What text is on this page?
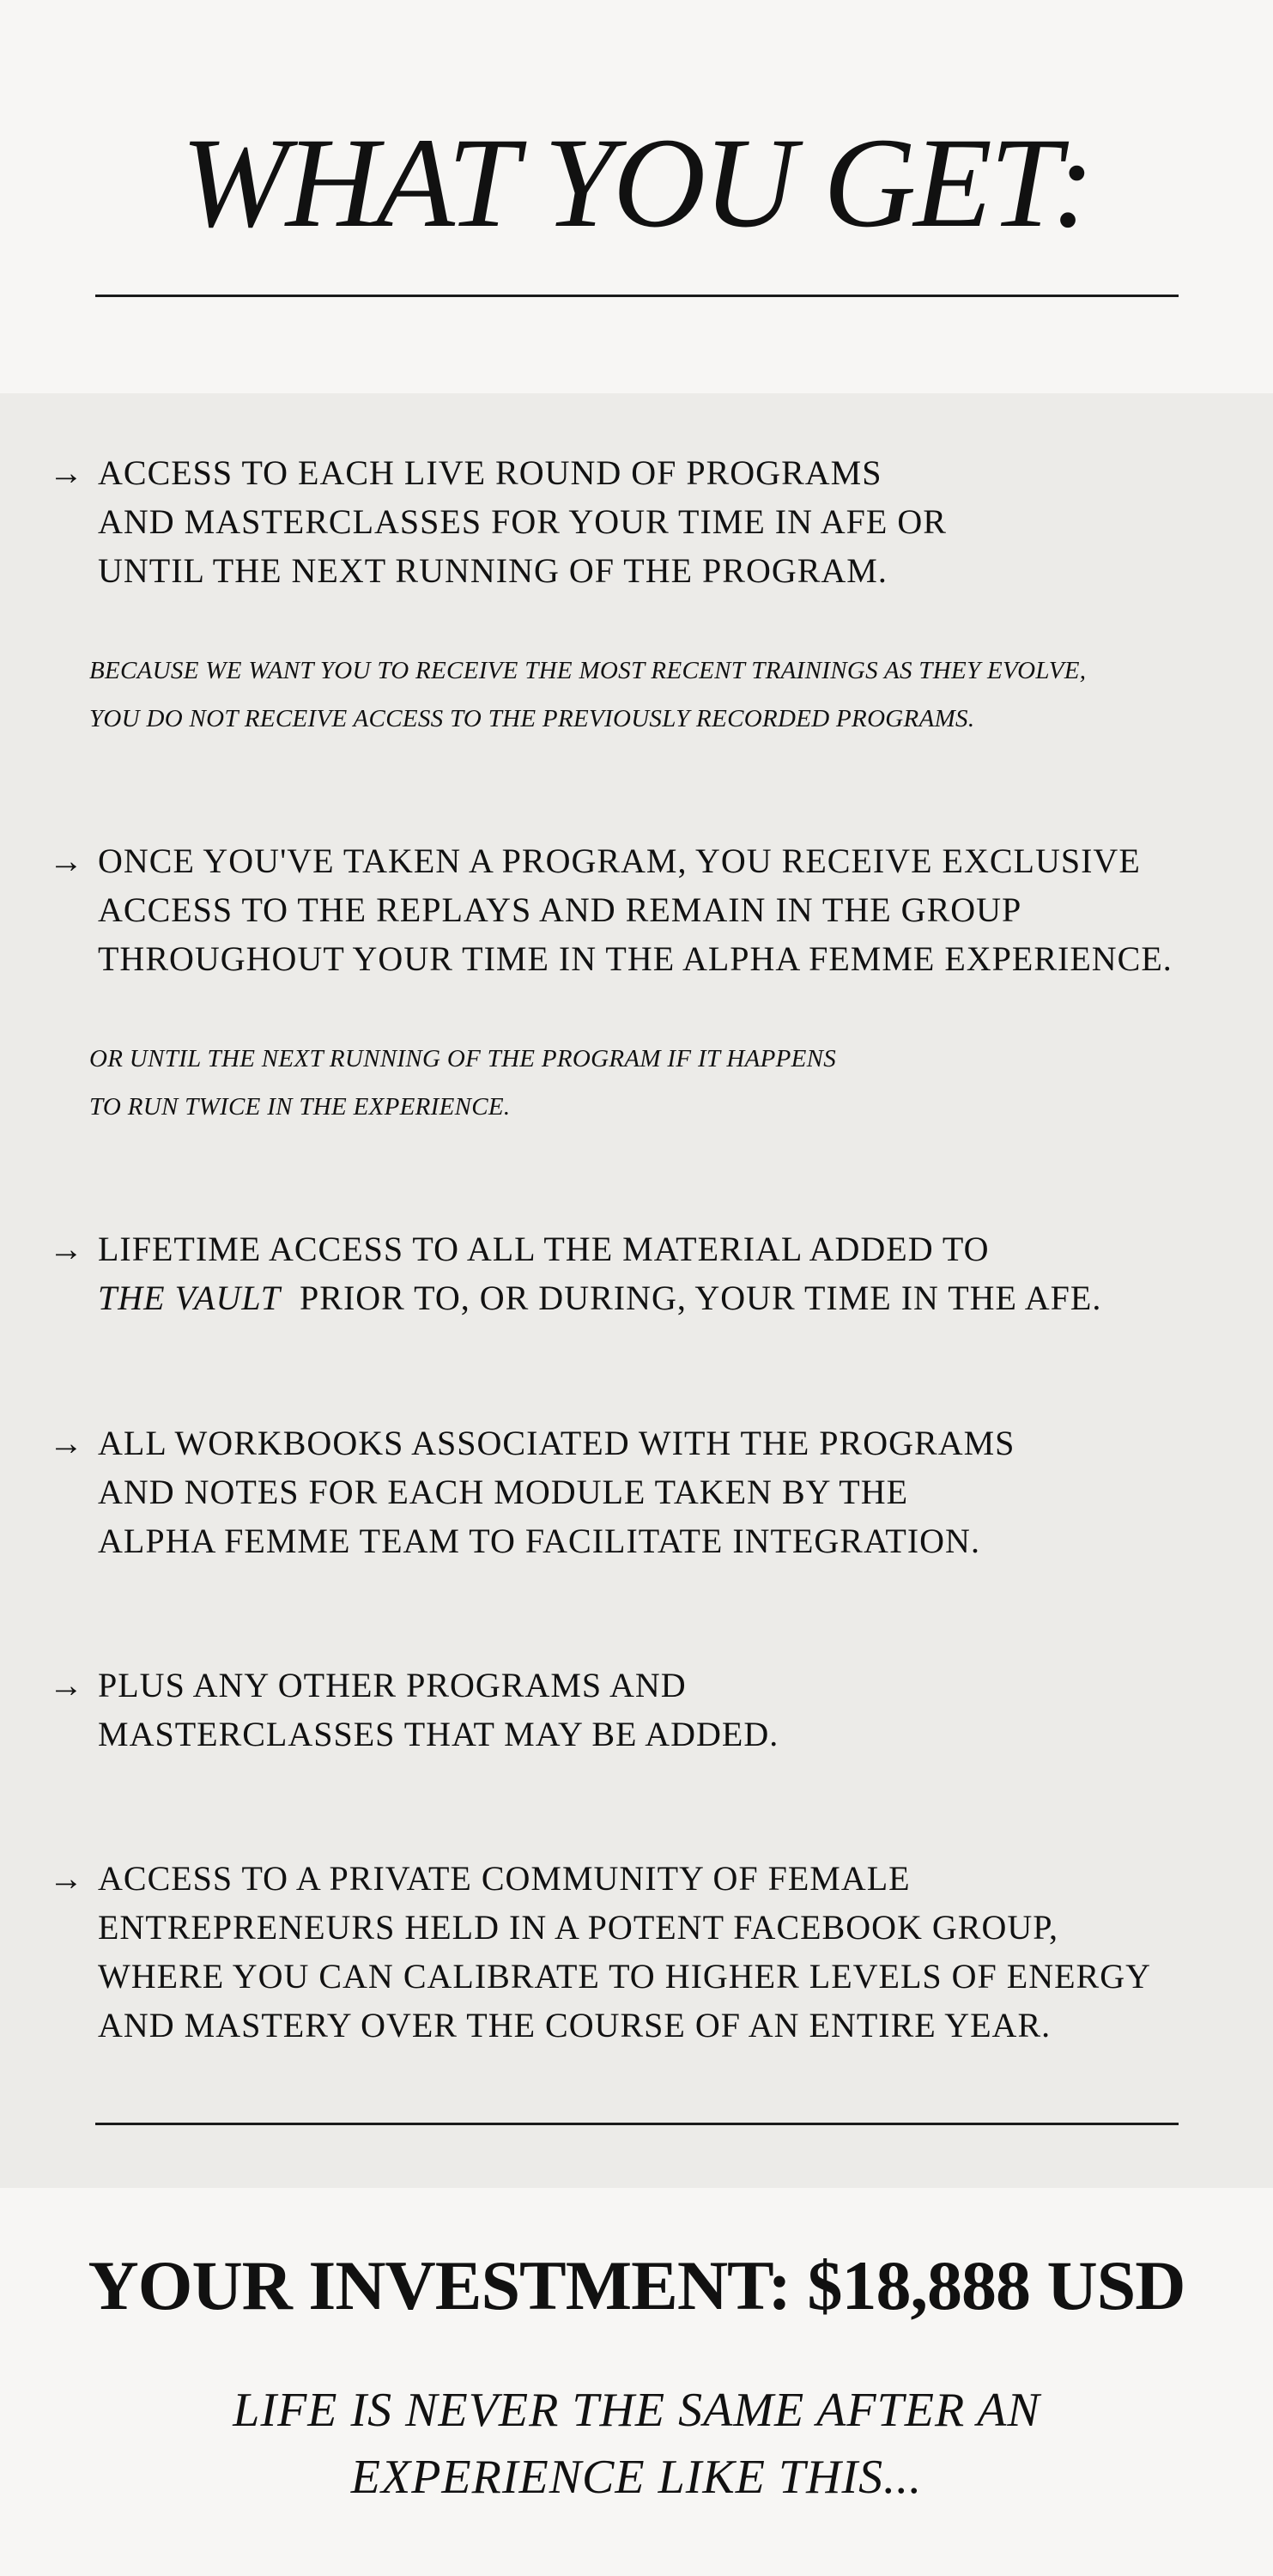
WHAT YOU GET:
→ ACCESS TO EACH LIVE ROUND OF PROGRAMS
AND MASTERCLASSES FOR YOUR TIME IN AFE OR
UNTIL THE NEXT RUNNING OF THE PROGRAM.
BECAUSE WE WANT YOU TO RECEIVE THE MOST RECENT TRAININGS AS THEY EVOLVE,
YOU DO NOT RECEIVE ACCESS TO THE PREVIOUSLY RECORDED PROGRAMS.
→ ONCE YOU'VE TAKEN A PROGRAM, YOU RECEIVE EXCLUSIVE
ACCESS TO THE REPLAYS AND REMAIN IN THE GROUP
THROUGHOUT YOUR TIME IN THE ALPHA FEMME EXPERIENCE.
OR UNTIL THE NEXT RUNNING OF THE PROGRAM IF IT HAPPENS
TO RUN TWICE IN THE EXPERIENCE.
→ LIFETIME ACCESS TO ALL THE MATERIAL ADDED TO
THE VAULT PRIOR TO, OR DURING, YOUR TIME IN THE AFE.
→ ALL WORKBOOKS ASSOCIATED WITH THE PROGRAMS
AND NOTES FOR EACH MODULE TAKEN BY THE
ALPHA FEMME TEAM TO FACILITATE INTEGRATION.
→ PLUS ANY OTHER PROGRAMS AND
MASTERCLASSES THAT MAY BE ADDED.
→ ACCESS TO A PRIVATE COMMUNITY OF FEMALE
ENTREPRENEURS HELD IN A POTENT FACEBOOK GROUP,
WHERE YOU CAN CALIBRATE TO HIGHER LEVELS OF ENERGY
AND MASTERY OVER THE COURSE OF AN ENTIRE YEAR.
YOUR INVESTMENT: $18,888 USD

LIFE IS NEVER THE SAME AFTER AN
EXPERIENCE LIKE THIS...
